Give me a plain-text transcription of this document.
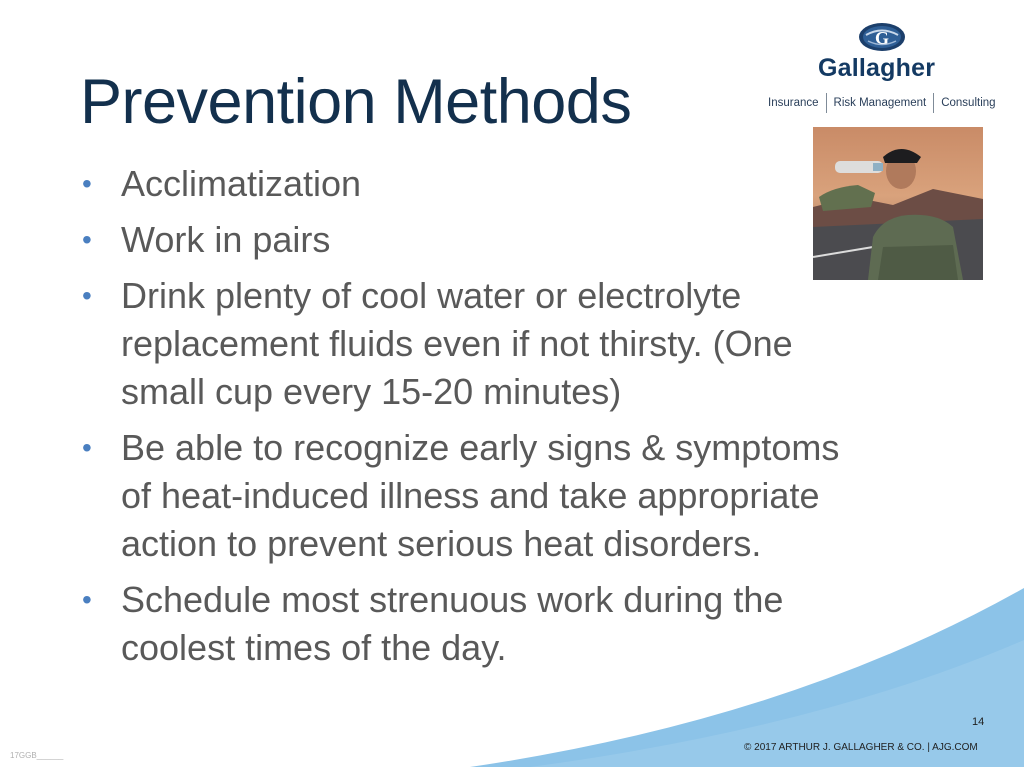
Prevention Methods
G
Gallagher
Insurance Risk Management Consulting
• Acclimatization
• Work in pairs
• Drink plenty of cool water or electrolyte replacement fluids even if not thirsty. (One small cup every 15-20 minutes)
• Be able to recognize early signs & symptoms of heat-induced illness and take appropriate action to prevent serious heat disorders.
• Schedule most strenuous work during the coolest times of the day.
14
© 2017 ARTHUR J. GALLAGHER & CO. | AJG.COM
17GGB______
